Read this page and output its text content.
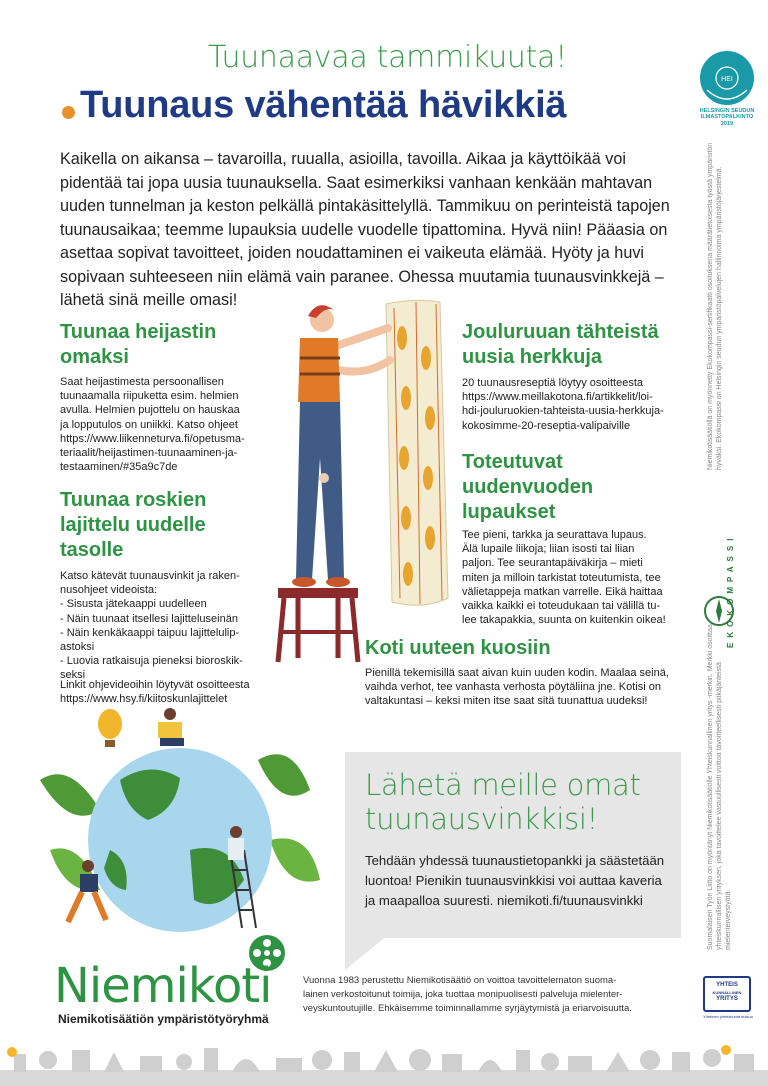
Tuunaavaa tammikuuta!
Tuunaus vähentää hävikkiä
HEI
HELSINGIN SEUDUN ILMASTOPALKINTO
2019

Kaikella on aikansa – tavaroilla, ruualla, asioilla, tavoilla. Aikaa ja käyttöikää voi pidentää tai jopa uusia tuunauksella. Saat esimerkiksi vanhaan kenkään mahtavan uuden tunnelman ja keston pelkällä pintakäsittelyllä. Tammikuu on perinteistä tapojen tuunausaikaa; teemme lupauksia uudelle vuodelle tipattomina. Hyvä niin! Pääasia on asettaa sopivat tavoitteet, joiden noudattaminen ei vaikeuta elämää. Hyöty ja huvi sopivaan suhteeseen niin elämä vain paranee. Ohessa muutamia tuunausvinkkejä – lähetä sinä meille omasi!

Tuunaa heijastin omaksi

Saat heijastimesta persoonallisen
tuunaamalla riipuketta esim. helmien
avulla. Helmien pujottelu on hauskaa
ja lopputulos on uniikki. Katso ohjeet
https://www.liikenneturva.fi/opetusma-
teriaalit/heijastimen-tuunaaminen-ja-
testaaminen/#35a9c7de

Tuunaa roskien lajittelu uudelle tasolle

Katso kätevät tuunausvinkit ja raken-
nusohjeet videoista:
- Sisusta jätekaappi uudelleen
- Näin tuunaat itsellesi lajitteluseinän
- Näin kenkäkaappi taipuu lajittelulip-
astoksi
- Luovia ratkaisuja pieneksi bioroskik-
seksi

Linkit ohjevideoihin löytyvät osoitteesta
https://www.hsy.fi/kiitoskunlajittelet

Jouluruuan tähteistä uusia herkkuja

20 tuunausreseptiä löytyy osoitteesta
https://www.meillakotona.fi/artikkelit/loi-
hdi-jouluruokien-tahteista-uusia-herkkuja-
kokosimme-20-reseptia-valipaiville

Toteutuvat uudenvuoden lupaukset

Tee pieni, tarkka ja seurattava lupaus.
Älä lupaile liikoja; liian isosti tai liian
paljon. Tee seurantapäiväkirja – mieti
miten ja milloin tarkistat toteutumista, tee
välietappeja matkan varrelle. Eikä haittaa
vaikka kaikki ei toteudukaan tai välillä tu-
lee takapakkia, suunta on kuitenkin oikea!

Koti uuteen kuosiin

Pienillä tekemisillä saat aivan kuin uuden kodin. Maalaa seinä,
vaihda verhot, tee vanhasta verhosta pöytäliina jne. Kotisi on
valtakuntasi – keksi miten itse saat sitä tuunattua uudeksi!

Lähetä meille omat tuunausvinkkisi!

Tehdään yhdessä tuunaustietopankki ja säästetään luontoa! Pienikin tuunausvinkkisi voi auttaa kaveria ja maapalloa suuresti. niemikoti.fi/tuunausvinkki

Niemikoti
Niemikotisäätiön ympäristötyöryhmä

Vuonna 1983 perustettu Niemikotisäätiö on voittoa tavoittelematon suoma-
lainen verkostoitunut toimija, joka tuottaa monipuolisesti palveluja mielenter-
veyskuntoutujille. Ehkäisemme toiminnallamme syrjäytymistä ja eriarvoisuutta.

Niemikotisäätiöllä on myönnetty Ekokompassi-sertifikaatti osoituksena määrätietoisesta työstä ympäristön hyväksi. Ekokompassi on Helsingin seudun ympäristöpalvelujen hallinnoima ympäristöjärjestelmä.
Suomalaisen Työn Liitto on myöntänyt Niemikotisäätiölle Yhteiskunnallinen yritys -merkin. Merkki osoittaa yhteiskunnallisen yrityksen, joka tavoittelee vastuullisesti voittoa tavoitteellisesti pitkäjänteistä mielenterveystyötä.
EKOKOMPASSI
YHTEIS
KUNNALLINEN
YRITYS
Yhteinen yhteiskunta kutsuu
